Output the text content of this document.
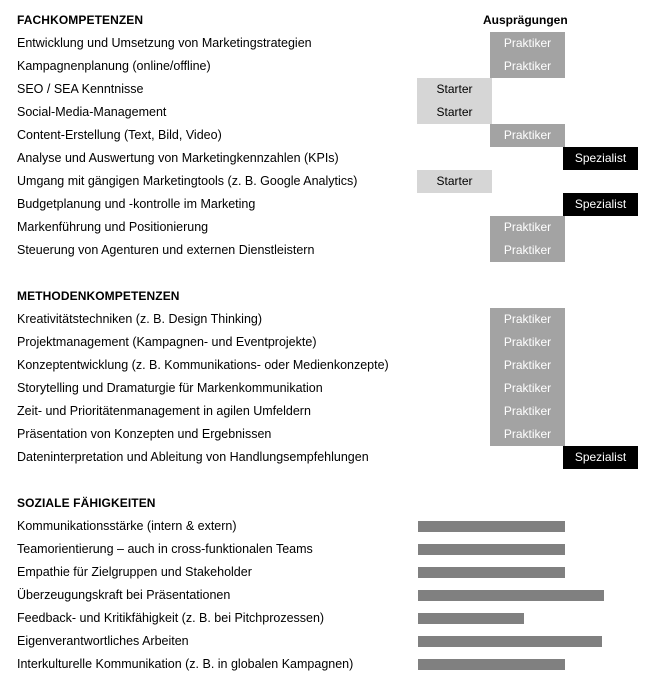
Ausprägungen
FACHKOMPETENZEN
Entwicklung und Umsetzung von Marketingstrategien	Praktiker
Kampagnenplanung (online/offline)	Praktiker
SEO / SEA Kenntnisse	Starter
Social-Media-Management	Starter
Content-Erstellung (Text, Bild, Video)	Praktiker
Analyse und Auswertung von Marketingkennzahlen (KPIs)	Spezialist
Umgang mit gängigen Marketingtools (z. B. Google Analytics)	Starter
Budgetplanung und -kontrolle im Marketing	Spezialist
Markenführung und Positionierung	Praktiker
Steuerung von Agenturen und externen Dienstleistern	Praktiker
METHODENKOMPETENZEN
Kreativitätstechniken (z. B. Design Thinking)	Praktiker
Projektmanagement (Kampagnen- und Eventprojekte)	Praktiker
Konzeptentwicklung (z. B. Kommunikations- oder Medienkonzepte)	Praktiker
Storytelling und Dramaturgie für Markenkommunikation	Praktiker
Zeit- und Prioritätenmanagement in agilen Umfeldern	Praktiker
Präsentation von Konzepten und Ergebnissen	Praktiker
Dateninterpretation und Ableitung von Handlungsempfehlungen	Spezialist
SOZIALE FÄHIGKEITEN
Kommunikationsstärke (intern & extern)
Teamorientierung – auch in cross-funktionalen Teams
Empathie für Zielgruppen und Stakeholder
Überzeugungskraft bei Präsentationen
Feedback- und Kritikfähigkeit (z. B. bei Pitchprozessen)
Eigenverantwortliches Arbeiten
Interkulturelle Kommunikation (z. B. in globalen Kampagnen)
